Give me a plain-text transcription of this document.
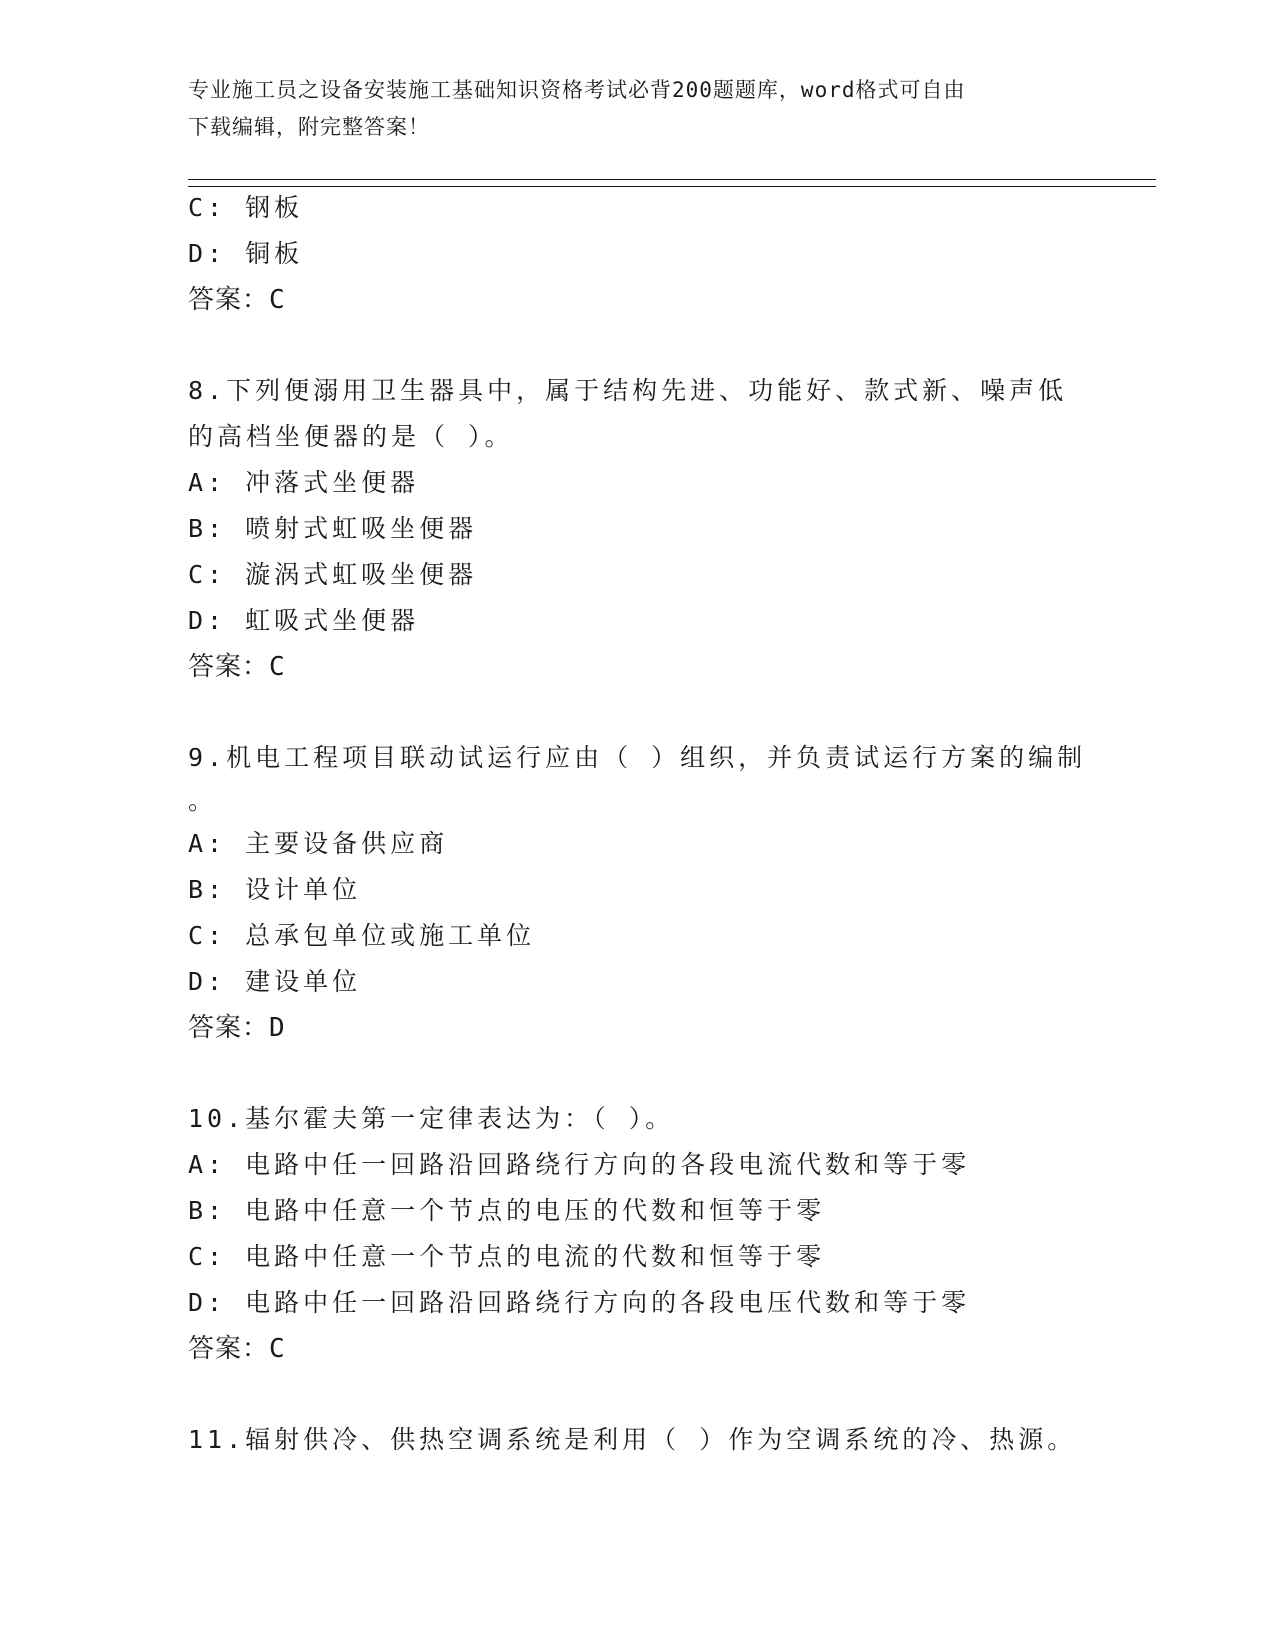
专业施工员之设备安装施工基础知识资格考试必背200题题库，word格式可自由
下载编辑，附完整答案！
C: 钢板
D: 铜板
答案：C
8.下列便溺用卫生器具中，属于结构先进、功能好、款式新、噪声低
的高档坐便器的是（ ）。
A: 冲落式坐便器
B: 喷射式虹吸坐便器
C: 漩涡式虹吸坐便器
D: 虹吸式坐便器
答案：C
9.机电工程项目联动试运行应由（ ）组织，并负责试运行方案的编制
。
A: 主要设备供应商
B: 设计单位
C: 总承包单位或施工单位
D: 建设单位
答案：D
10.基尔霍夫第一定律表达为：（ ）。
A: 电路中任一回路沿回路绕行方向的各段电流代数和等于零
B: 电路中任意一个节点的电压的代数和恒等于零
C: 电路中任意一个节点的电流的代数和恒等于零
D: 电路中任一回路沿回路绕行方向的各段电压代数和等于零
答案：C
11.辐射供冷、供热空调系统是利用（ ）作为空调系统的冷、热源。
